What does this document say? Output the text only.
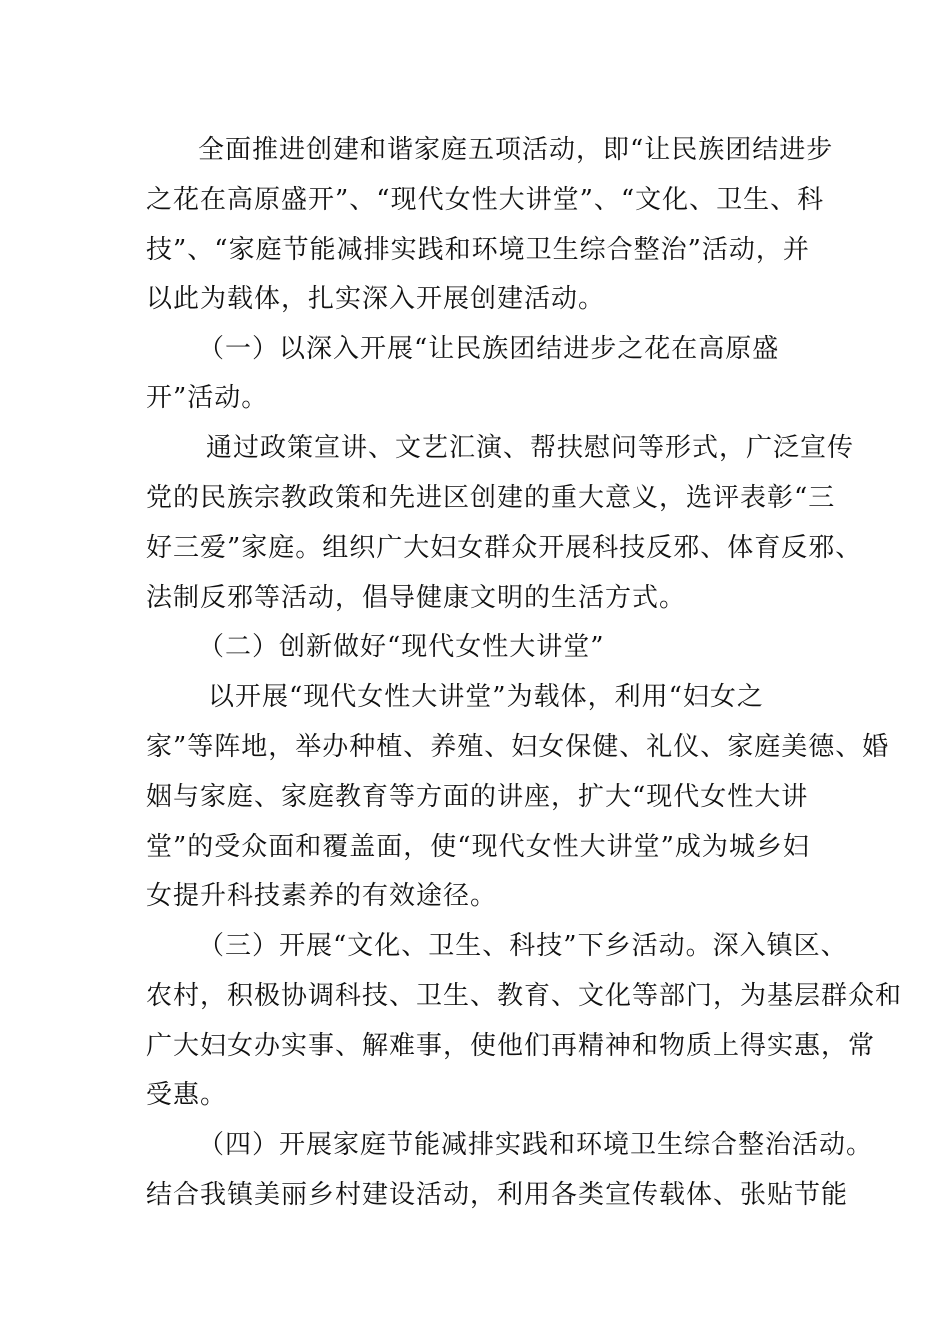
全面推进创建和谐家庭五项活动，即“让民族团结进步

之花在高原盛开”、“现代女性大讲堂”、“文化、卫生、科

技”、“家庭节能减排实践和环境卫生综合整治”活动，并

以此为载体，扎实深入开展创建活动。

（一）以深入开展“让民族团结进步之花在高原盛

开”活动。

通过政策宣讲、文艺汇演、帮扶慰问等形式，广泛宣传

党的民族宗教政策和先进区创建的重大意义，选评表彰“三

好三爱”家庭。组织广大妇女群众开展科技反邪、体育反邪、

法制反邪等活动，倡导健康文明的生活方式。

（二）创新做好“现代女性大讲堂”

以开展“现代女性大讲堂”为载体，利用“妇女之

家”等阵地，举办种植、养殖、妇女保健、礼仪、家庭美德、婚

姻与家庭、家庭教育等方面的讲座，扩大“现代女性大讲

堂”的受众面和覆盖面，使“现代女性大讲堂”成为城乡妇

女提升科技素养的有效途径。

（三）开展“文化、卫生、科技”下乡活动。深入镇区、

农村，积极协调科技、卫生、教育、文化等部门，为基层群众和

广大妇女办实事、解难事，使他们再精神和物质上得实惠，常

受惠。

（四）开展家庭节能减排实践和环境卫生综合整治活动。

结合我镇美丽乡村建设活动，利用各类宣传载体、张贴节能
